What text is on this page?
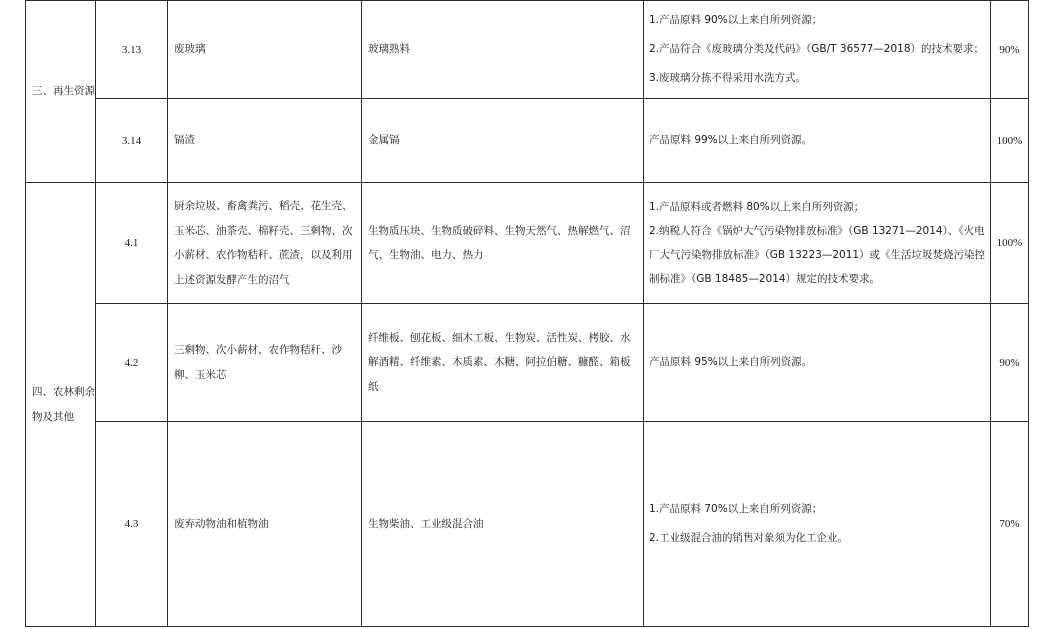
三、再生资源	3.13	废玻璃	玻璃熟料	1.产品原料 90%以上来自所列资源；
2.产品符合《废玻璃分类及代码》（GB/T 36577—2018）的技术要求；
3.废玻璃分拣不得采用水洗方式。	90%
	3.14	镉渣	金属镉	产品原料 99%以上来自所列资源。	100%

四、农林剩余物及其他	4.1	厨余垃圾、畜禽粪污、稻壳、花生壳、玉米芯、油茶壳、棉籽壳、三剩物、次小薪材、农作物秸秆、蔗渣，以及利用上述资源发酵产生的沼气	生物质压块、生物质破碎料、生物天然气、热解燃气、沼气、生物油、电力、热力	1.产品原料或者燃料 80%以上来自所列资源；
2.纳税人符合《锅炉大气污染物排放标准》（GB 13271—2014）、《火电厂大气污染物排放标准》（GB 13223—2011）或《生活垃圾焚烧污染控制标准》（GB 18485—2014）规定的技术要求。	100%
	4.2	三剩物、次小薪材、农作物秸秆、沙柳、玉米芯	纤维板、刨花板、细木工板、生物炭、活性炭、栲胶、水解酒精、纤维素、木质素、木糖、阿拉伯糖、糠醛、箱板纸	产品原料 95%以上来自所列资源。	90%
	4.3	废弃动物油和植物油	生物柴油、工业级混合油	1.产品原料 70%以上来自所列资源；
2.工业级混合油的销售对象须为化工企业。	70%
